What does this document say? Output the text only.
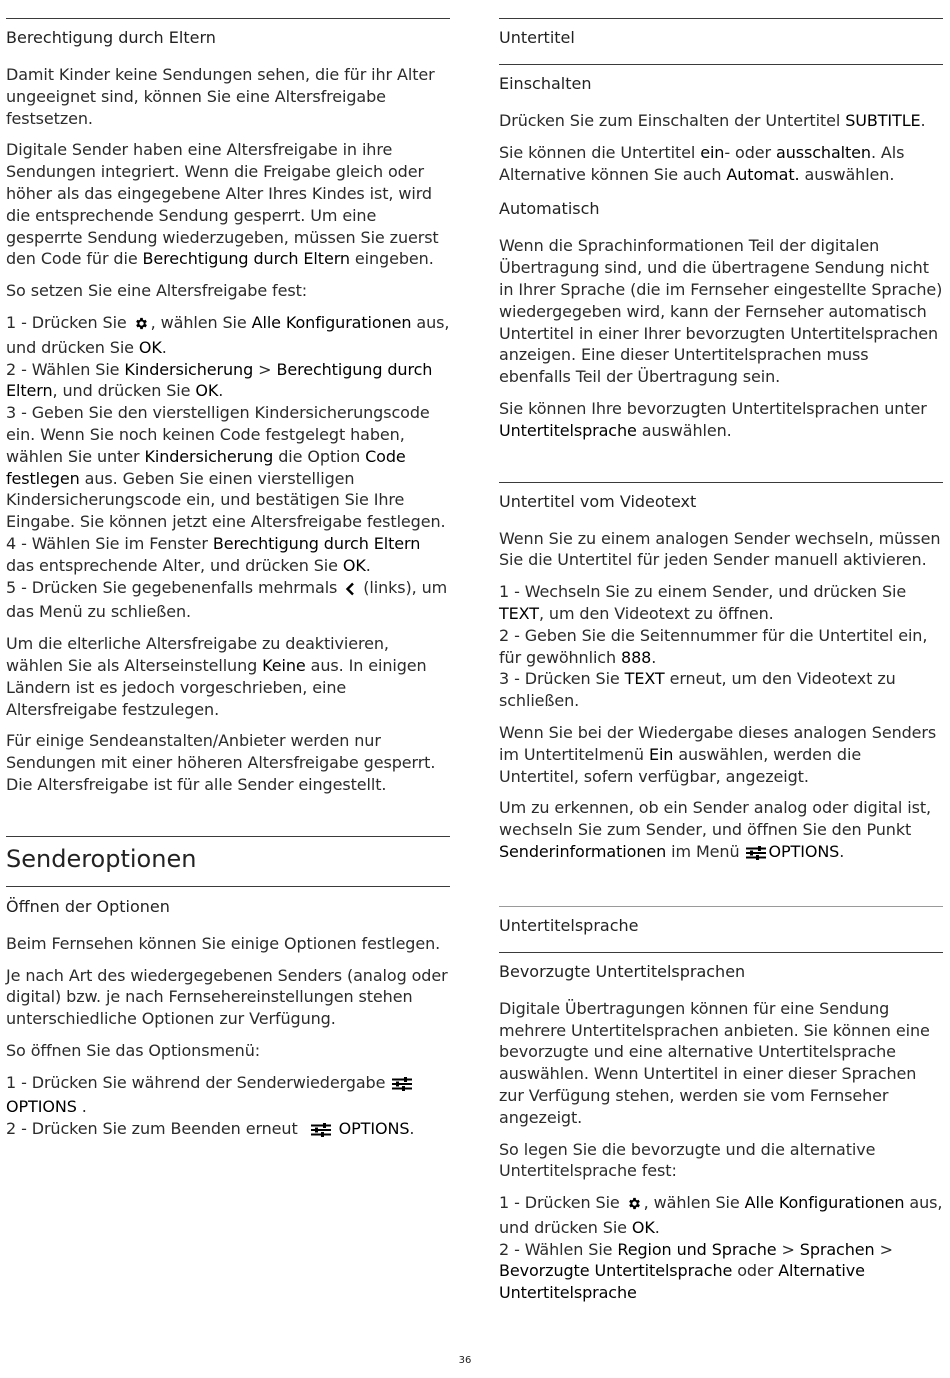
Berechtigung durch Eltern

Damit Kinder keine Sendungen sehen, die für ihr Alter ungeeignet sind, können Sie eine Altersfreigabe festsetzen.

Digitale Sender haben eine Altersfreigabe in ihre Sendungen integriert. Wenn die Freigabe gleich oder höher als das eingegebene Alter Ihres Kindes ist, wird die entsprechende Sendung gesperrt. Um eine gesperrte Sendung wiederzugeben, müssen Sie zuerst den Code für die Berechtigung durch Eltern eingeben.

So setzen Sie eine Altersfreigabe fest:

1 - Drücken Sie , wählen Sie Alle Konfigurationen aus, und drücken Sie OK.
2 - Wählen Sie Kindersicherung > Berechtigung durch Eltern, und drücken Sie OK.
3 - Geben Sie den vierstelligen Kindersicherungscode ein. Wenn Sie noch keinen Code festgelegt haben, wählen Sie unter Kindersicherung die Option Code festlegen aus. Geben Sie einen vierstelligen Kindersicherungscode ein, und bestätigen Sie Ihre Eingabe. Sie können jetzt eine Altersfreigabe festlegen.
4 - Wählen Sie im Fenster Berechtigung durch Eltern das entsprechende Alter, und drücken Sie OK.
5 - Drücken Sie gegebenenfalls mehrmals  (links), um das Menü zu schließen.

Um die elterliche Altersfreigabe zu deaktivieren, wählen Sie als Alterseinstellung Keine aus. In einigen Ländern ist es jedoch vorgeschrieben, eine Altersfreigabe festzulegen.

Für einige Sendeanstalten/Anbieter werden nur Sendungen mit einer höheren Altersfreigabe gesperrt. Die Altersfreigabe ist für alle Sender eingestellt.

Senderoptionen
Öffnen der Optionen

Beim Fernsehen können Sie einige Optionen festlegen.

Je nach Art des wiedergegebenen Senders (analog oder digital) bzw. je nach Fernsehereinstellungen stehen unterschiedliche Optionen zur Verfügung.

So öffnen Sie das Optionsmenü:

1 - Drücken Sie während der Senderwiedergabe OPTIONS .
2 - Drücken Sie zum Beenden erneut OPTIONS.
Untertitel
Einschalten

Drücken Sie zum Einschalten der Untertitel SUBTITLE.

Sie können die Untertitel ein- oder ausschalten. Als Alternative können Sie auch Automat. auswählen.

Automatisch

Wenn die Sprachinformationen Teil der digitalen Übertragung sind, und die übertragene Sendung nicht in Ihrer Sprache (die im Fernseher eingestellte Sprache) wiedergegeben wird, kann der Fernseher automatisch Untertitel in einer Ihrer bevorzugten Untertitelsprachen anzeigen. Eine dieser Untertitelsprachen muss ebenfalls Teil der Übertragung sein.

Sie können Ihre bevorzugten Untertitelsprachen unter Untertitelsprache auswählen.

Untertitel vom Videotext

Wenn Sie zu einem analogen Sender wechseln, müssen Sie die Untertitel für jeden Sender manuell aktivieren.

1 - Wechseln Sie zu einem Sender, und drücken Sie TEXT, um den Videotext zu öffnen.
2 - Geben Sie die Seitennummer für die Untertitel ein, für gewöhnlich 888.
3 - Drücken Sie TEXT erneut, um den Videotext zu schließen.

Wenn Sie bei der Wiedergabe dieses analogen Senders im Untertitelmenü Ein auswählen, werden die Untertitel, sofern verfügbar, angezeigt.

Um zu erkennen, ob ein Sender analog oder digital ist, wechseln Sie zum Sender, und öffnen Sie den Punkt Senderinformationen im Menü OPTIONS.

Untertitelsprache
Bevorzugte Untertitelsprachen

Digitale Übertragungen können für eine Sendung mehrere Untertitelsprachen anbieten. Sie können eine bevorzugte und eine alternative Untertitelsprache auswählen. Wenn Untertitel in einer dieser Sprachen zur Verfügung stehen, werden sie vom Fernseher angezeigt.

So legen Sie die bevorzugte und die alternative Untertitelsprache fest:

1 - Drücken Sie , wählen Sie Alle Konfigurationen aus, und drücken Sie OK.
2 - Wählen Sie Region und Sprache > Sprachen > Bevorzugte Untertitelsprache oder Alternative Untertitelsprache
36
